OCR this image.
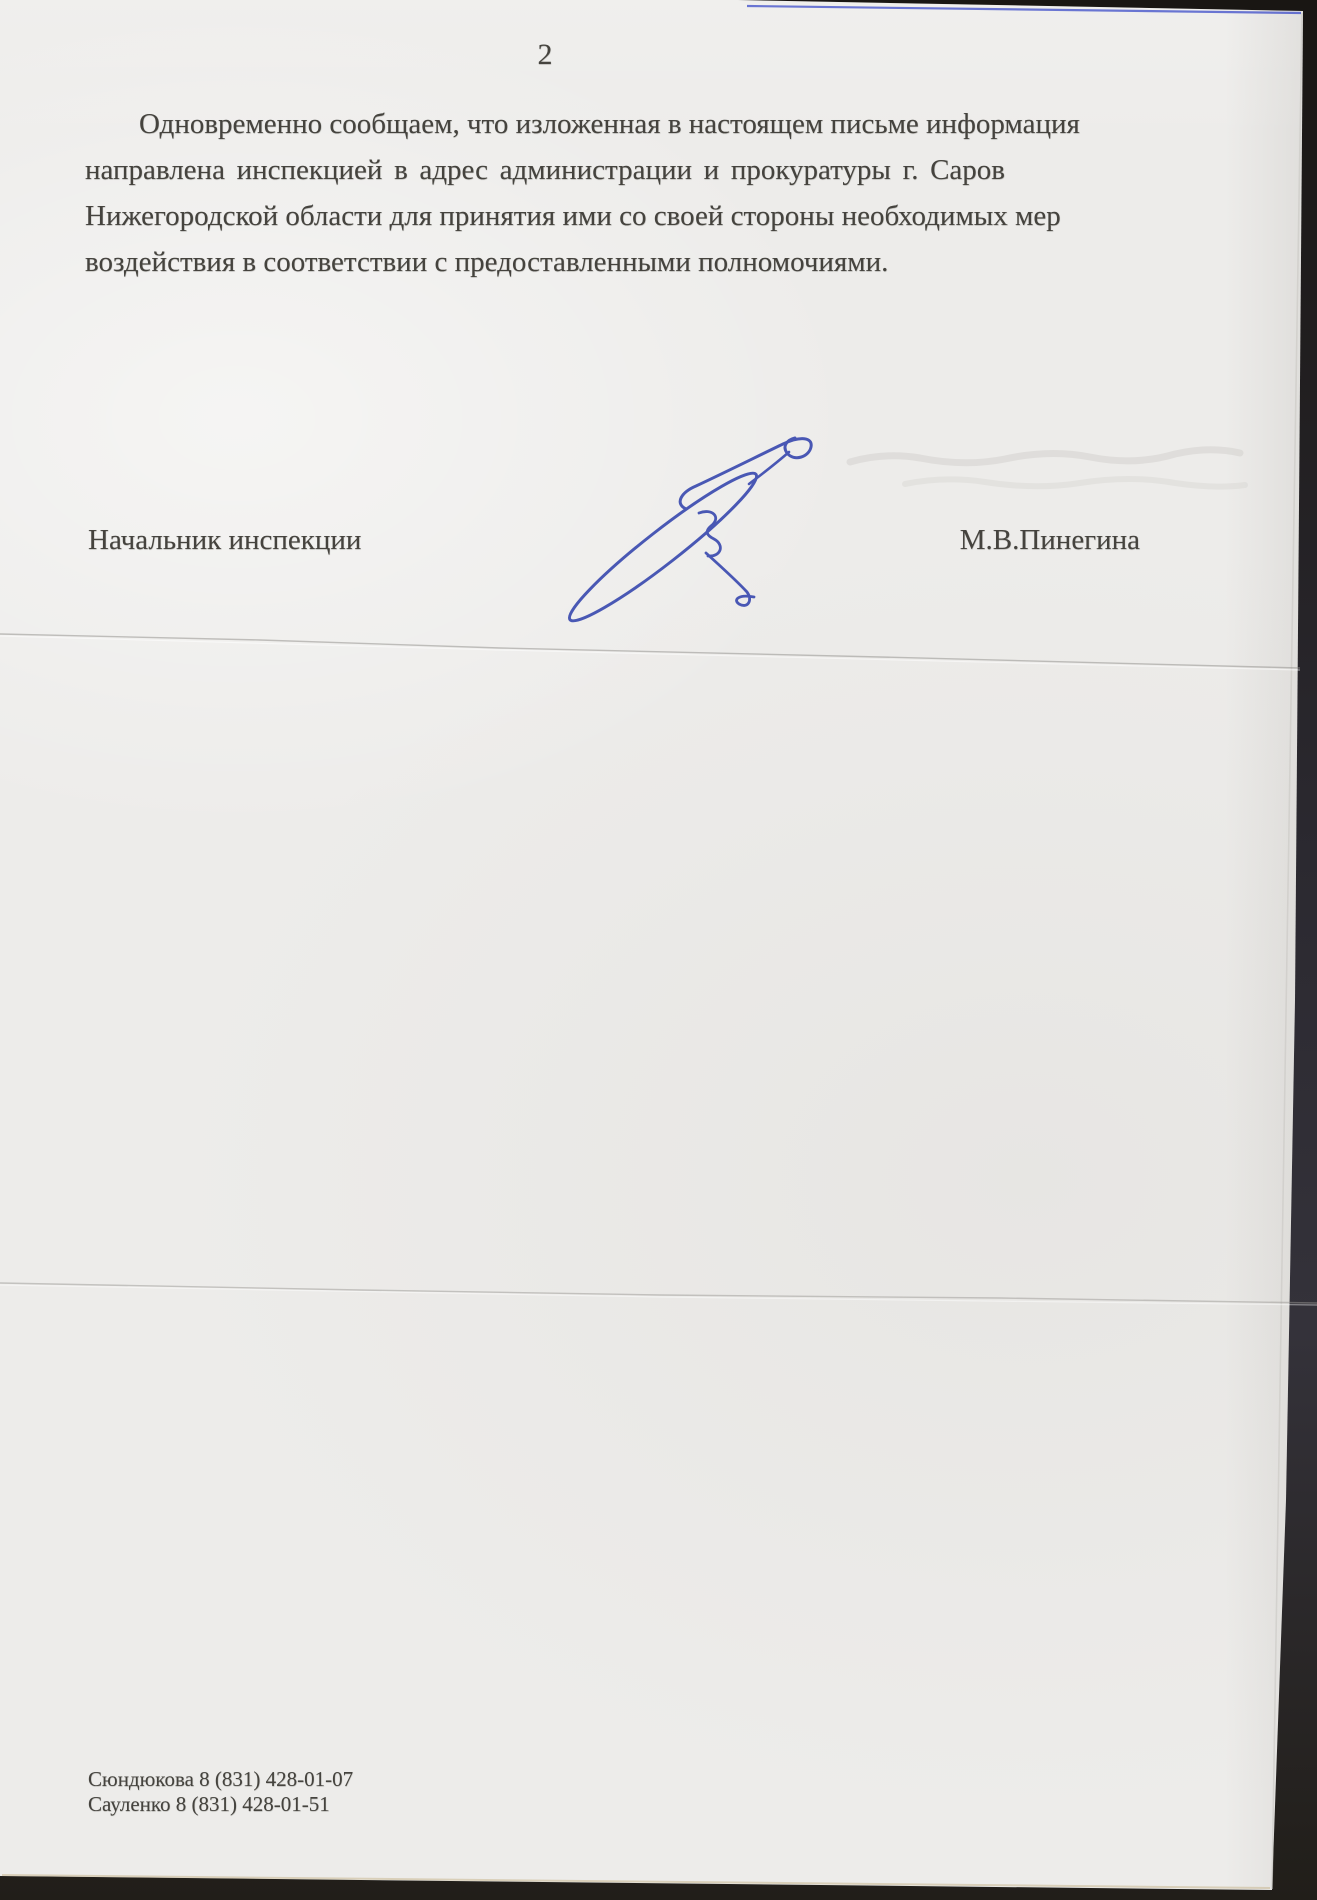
2
Одновременно сообщаем, что изложенная в настоящем письме информация
направлена инспекцией в адрес администрации и прокуратуры г. Саров
Нижегородской области для принятия ими со своей стороны необходимых мер
воздействия в соответствии с предоставленными полномочиями.
Начальник инспекции	М.В.Пинегина
Сюндюкова 8 (831) 428-01-07
Сауленко 8 (831) 428-01-51
